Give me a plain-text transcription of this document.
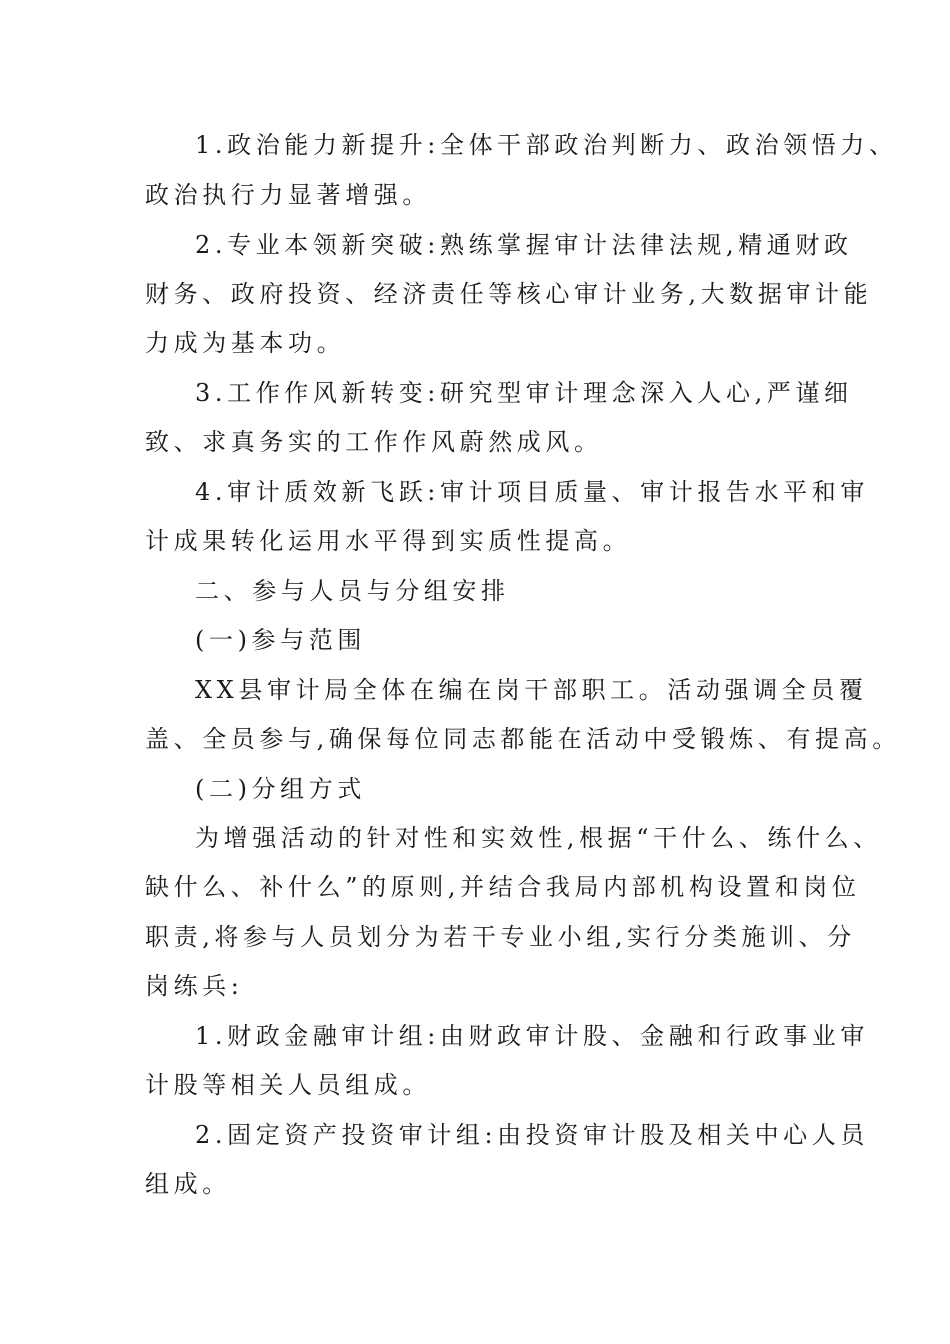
1.政治能力新提升:全体干部政治判断力、政治领悟力、
政治执行力显著增强。
2.专业本领新突破:熟练掌握审计法律法规,精通财政
财务、政府投资、经济责任等核心审计业务,大数据审计能
力成为基本功。
3.工作作风新转变:研究型审计理念深入人心,严谨细
致、求真务实的工作作风蔚然成风。
4.审计质效新飞跃:审计项目质量、审计报告水平和审
计成果转化运用水平得到实质性提高。
二、参与人员与分组安排
(一)参与范围
XX县审计局全体在编在岗干部职工。活动强调全员覆
盖、全员参与,确保每位同志都能在活动中受锻炼、有提高。
(二)分组方式
为增强活动的针对性和实效性,根据“干什么、练什么、
缺什么、补什么”的原则,并结合我局内部机构设置和岗位
职责,将参与人员划分为若干专业小组,实行分类施训、分
岗练兵:
1.财政金融审计组:由财政审计股、金融和行政事业审
计股等相关人员组成。
2.固定资产投资审计组:由投资审计股及相关中心人员
组成。
